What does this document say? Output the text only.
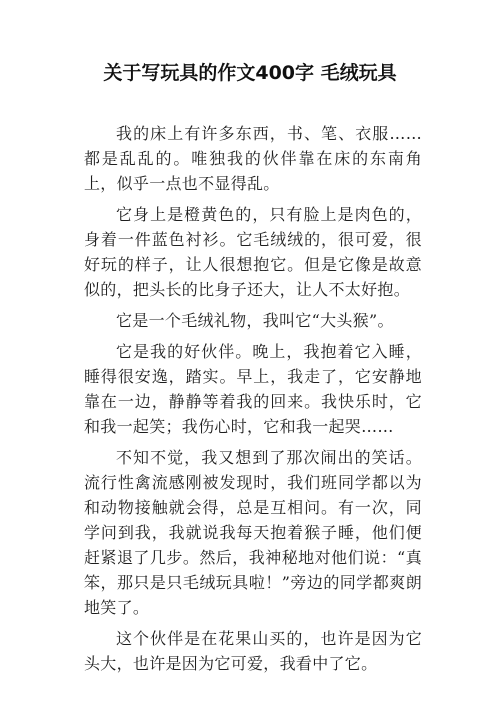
关于写玩具的作文400字 毛绒玩具

我的床上有许多东西，书、笔、衣服……都是乱乱的。唯独我的伙伴靠在床的东南角上，似乎一点也不显得乱。

它身上是橙黄色的，只有脸上是肉色的，身着一件蓝色衬衫。它毛绒绒的，很可爱，很好玩的样子，让人很想抱它。但是它像是故意似的，把头长的比身子还大，让人不太好抱。

它是一个毛绒礼物，我叫它“大头猴”。

它是我的好伙伴。晚上，我抱着它入睡，睡得很安逸，踏实。早上，我走了，它安静地靠在一边，静静等着我的回来。我快乐时，它和我一起笑；我伤心时，它和我一起哭……

不知不觉，我又想到了那次闹出的笑话。流行性禽流感刚被发现时，我们班同学都以为和动物接触就会得，总是互相问。有一次，同学问到我，我就说我每天抱着猴子睡，他们便赶紧退了几步。然后，我神秘地对他们说：“真笨，那只是只毛绒玩具啦！”旁边的同学都爽朗地笑了。

这个伙伴是在花果山买的，也许是因为它头大，也许是因为它可爱，我看中了它。
